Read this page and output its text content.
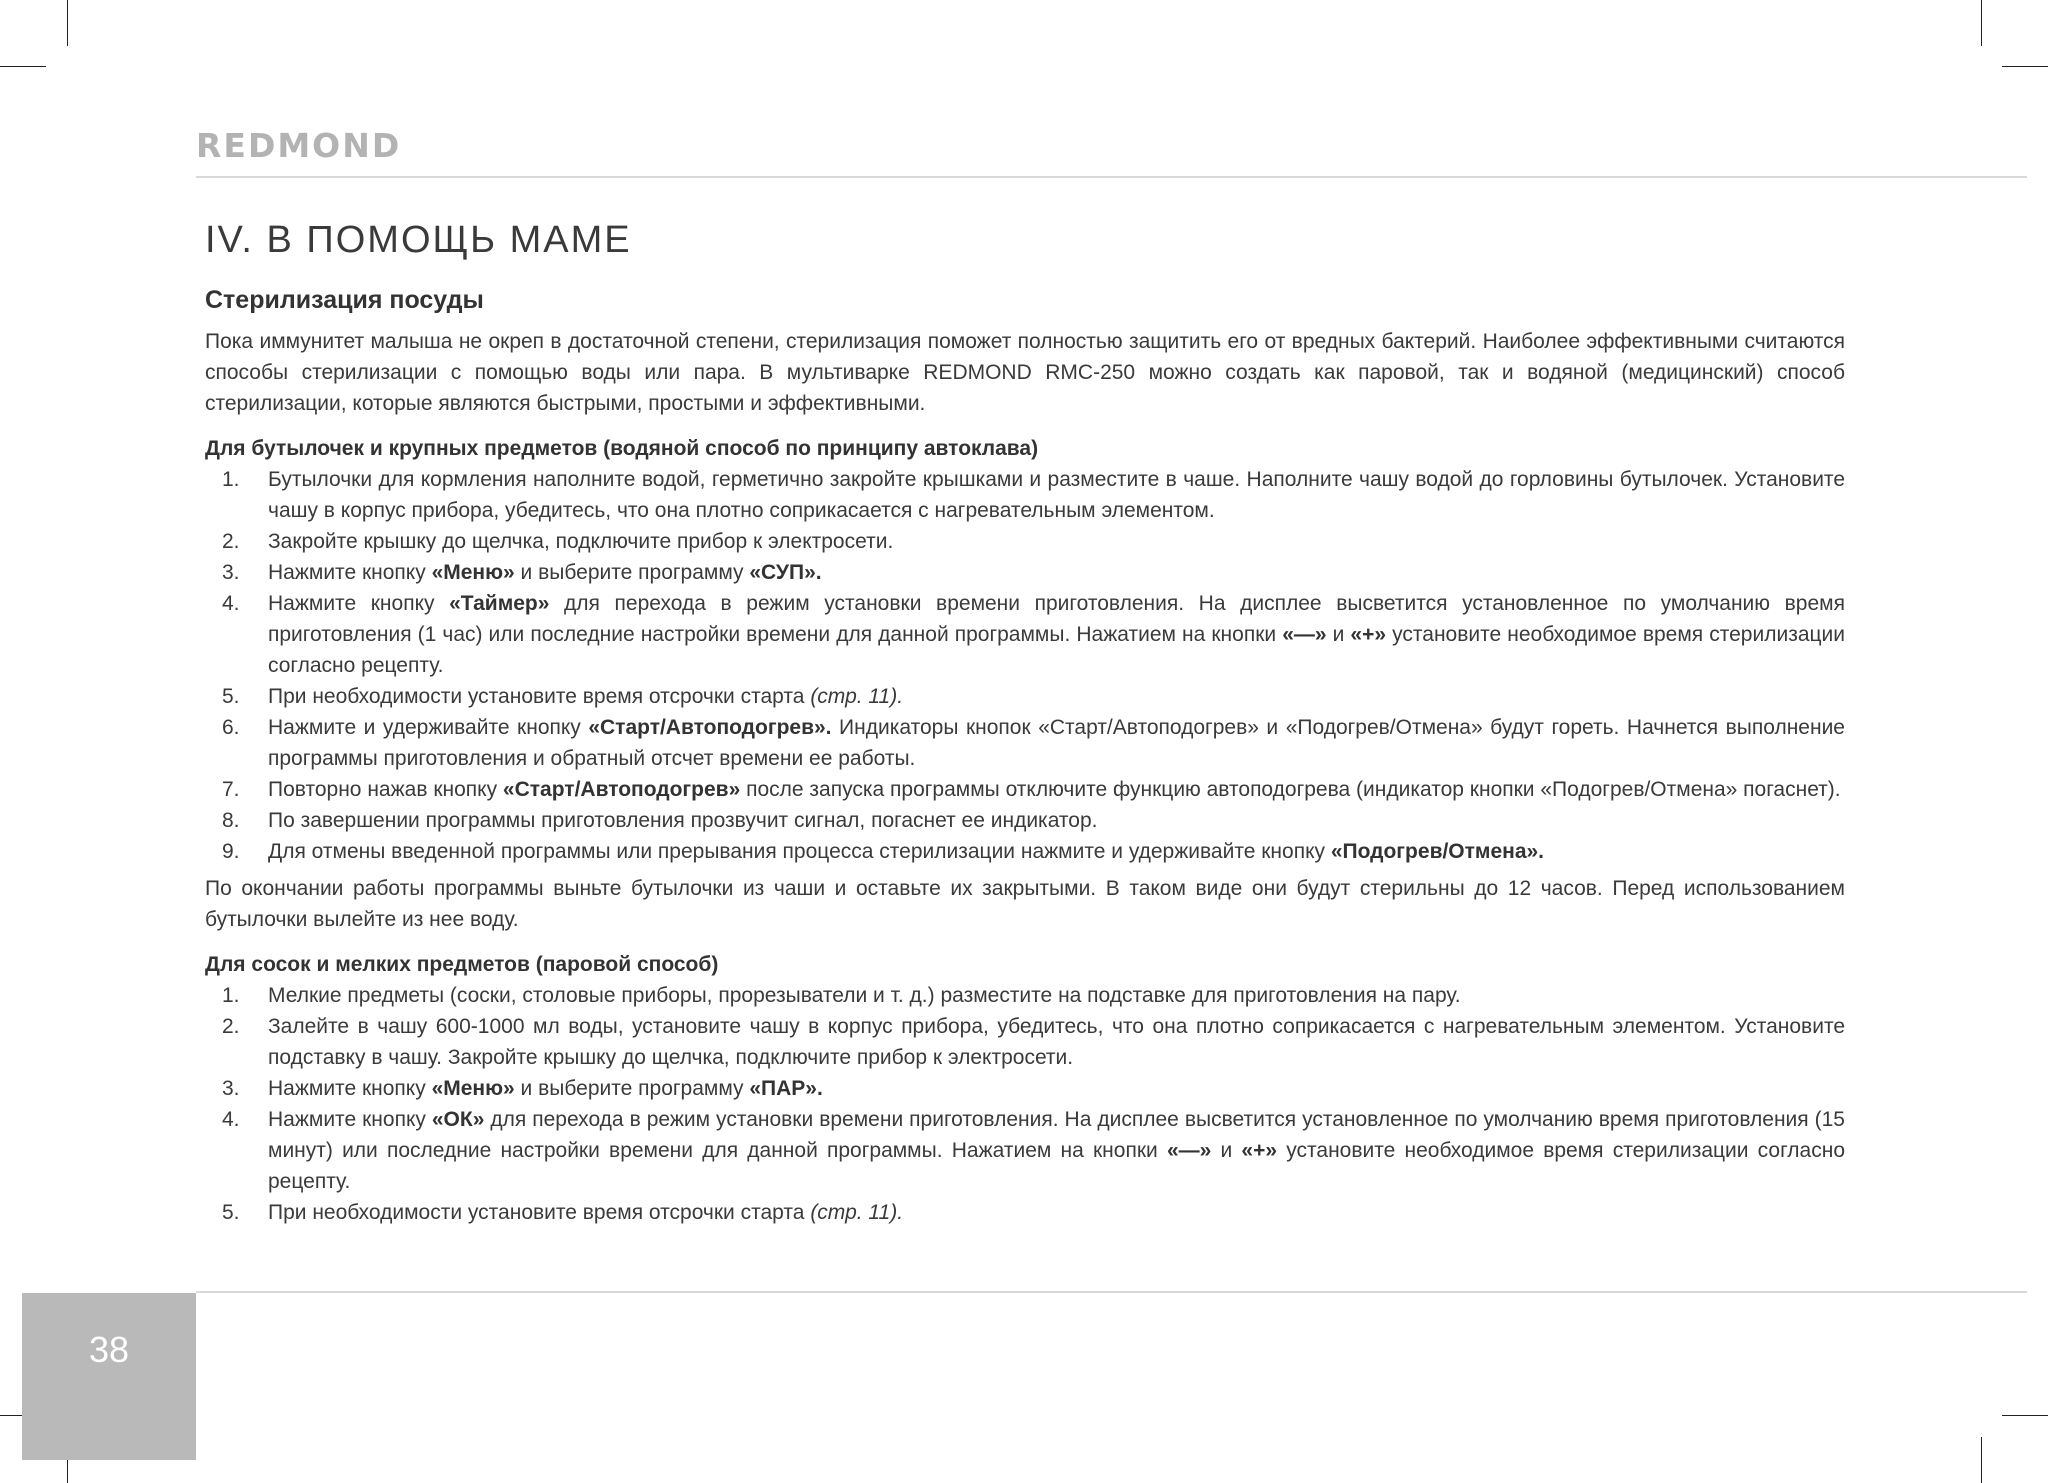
REDMOND
IV. В ПОМОЩЬ МАМЕ
Стерилизация посуды

Пока иммунитет малыша не окреп в достаточной степени, стерилизация поможет полностью защитить его от вредных бактерий. Наиболее эффективными считаются способы стерилизации с помощью воды или пара. В мультиварке REDMOND RMC-250 можно создать как паровой, так и водяной (медицинский) способ стерилизации, которые являются быстрыми, простыми и эффективными.

Для бутылочек и крупных предметов (водяной способ по принципу автоклава)
1. Бутылочки для кормления наполните водой, герметично закройте крышками и разместите в чаше. Наполните чашу водой до горловины бутылочек. Установите чашу в корпус прибора, убедитесь, что она плотно соприкасается с нагревательным элементом.
2. Закройте крышку до щелчка, подключите прибор к электросети.
3. Нажмите кнопку «Меню» и выберите программу «СУП».
4. Нажмите кнопку «Таймер» для перехода в режим установки времени приготовления. На дисплее высветится установленное по умолчанию время приготовления (1 час) или последние настройки времени для данной программы. Нажатием на кнопки «—» и «+» установите необходимое время стерилизации согласно рецепту.
5. При необходимости установите время отсрочки старта (стр. 11).
6. Нажмите и удерживайте кнопку «Старт/Автоподогрев». Индикаторы кнопок «Старт/Автоподогрев» и «Подогрев/Отмена» будут гореть. Начнется выполнение программы приготовления и обратный отсчет времени ее работы.
7. Повторно нажав кнопку «Старт/Автоподогрев» после запуска программы отключите функцию автоподогрева (индикатор кнопки «Подогрев/Отмена» погаснет).
8. По завершении программы приготовления прозвучит сигнал, погаснет ее индикатор.
9. Для отмены введенной программы или прерывания процесса стерилизации нажмите и удерживайте кнопку «Подогрев/Отмена».

По окончании работы программы выньте бутылочки из чаши и оставьте их закрытыми. В таком виде они будут стерильны до 12 часов. Перед использованием бутылочки вылейте из нее воду.

Для сосок и мелких предметов (паровой способ)
1. Мелкие предметы (соски, столовые приборы, прорезыватели и т. д.) разместите на подставке для приготовления на пару.
2. Залейте в чашу 600-1000 мл воды, установите чашу в корпус прибора, убедитесь, что она плотно соприкасается с нагревательным элементом. Установите подставку в чашу. Закройте крышку до щелчка, подключите прибор к электросети.
3. Нажмите кнопку «Меню» и выберите программу «ПАР».
4. Нажмите кнопку «ОК» для перехода в режим установки времени приготовления. На дисплее высветится установленное по умолчанию время приготовления (15 минут) или последние настройки времени для данной программы. Нажатием на кнопки «—» и «+» установите необходимое время стерилизации согласно рецепту.
5. При необходимости установите время отсрочки старта (стр. 11).
38
